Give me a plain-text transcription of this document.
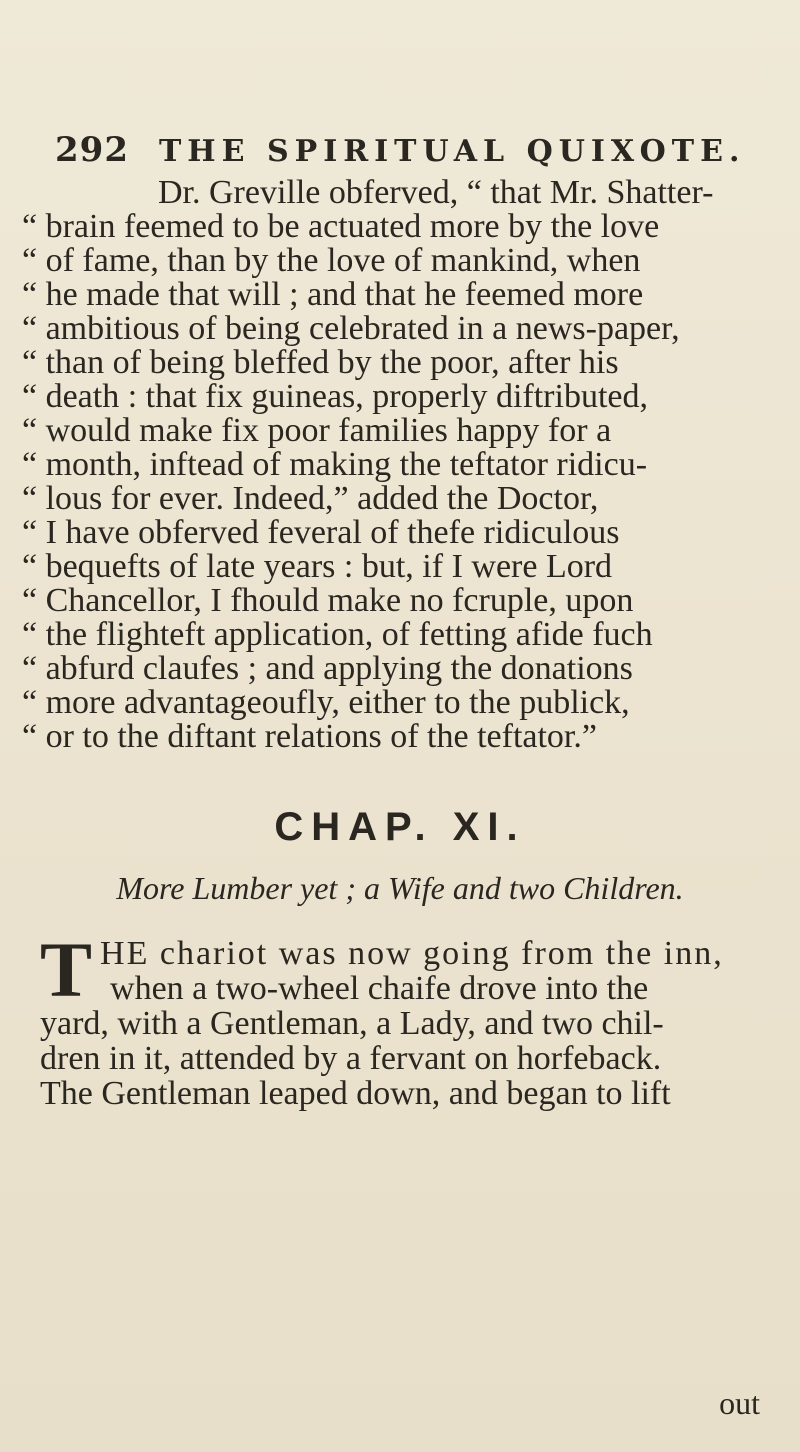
292 THE SPIRITUAL QUIXOTE.
Dr. Greville obferved, “ that Mr. Shatter-
“ brain feemed to be actuated more by the love
“ of fame, than by the love of mankind, when
“ he made that will ; and that he feemed more
“ ambitious of being celebrated in a news-paper,
“ than of being bleffed by the poor, after his
“ death : that fix guineas, properly diftributed,
“ would make fix poor families happy for a
“ month, inftead of making the teftator ridicu-
“ lous for ever. Indeed,” added the Doctor,
“ I have obferved feveral of thefe ridiculous
“ bequefts of late years : but, if I were Lord
“ Chancellor, I fhould make no fcruple, upon
“ the flighteft application, of fetting afide fuch
“ abfurd claufes ; and applying the donations
“ more advantageoufly, either to the publick,
“ or to the diftant relations of the teftator.”
CHAP. XI.
More Lumber yet ; a Wife and two Children.
T HE chariot was now going from the inn,
when a two-wheel chaife drove into the
yard, with a Gentleman, a Lady, and two chil-
dren in it, attended by a fervant on horfeback.
The Gentleman leaped down, and began to lift
out
